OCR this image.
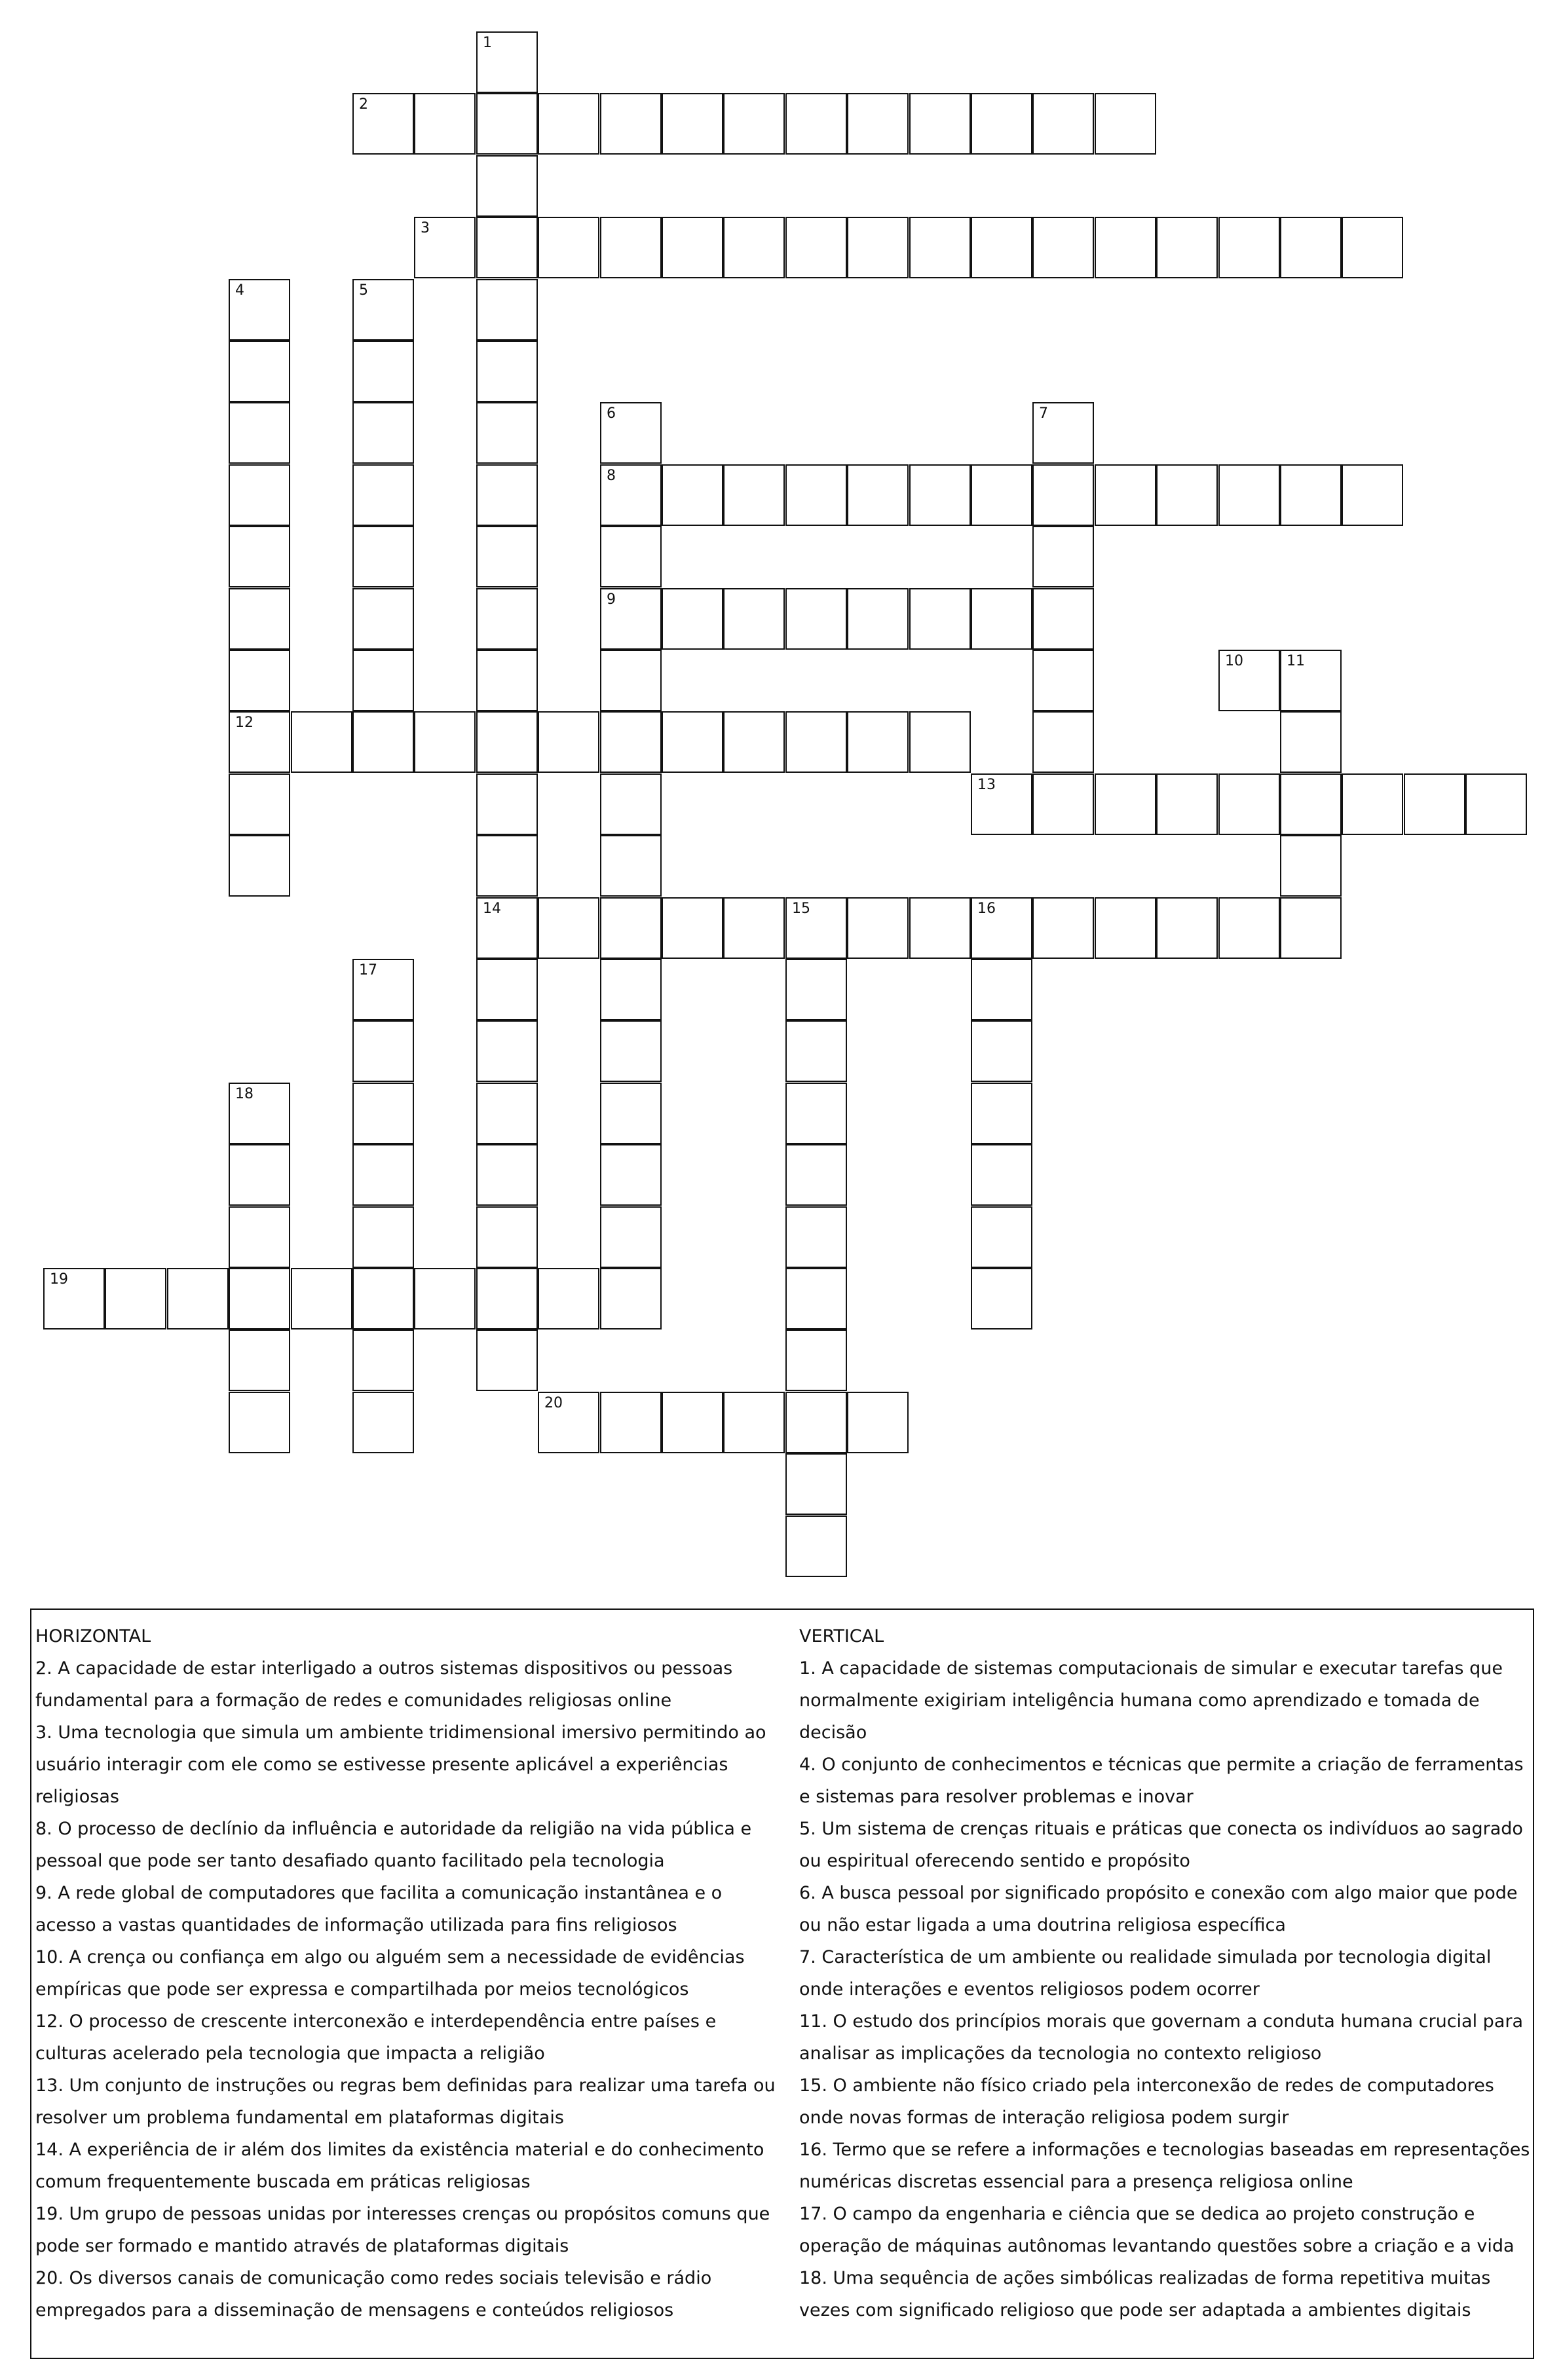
1
14
2
3
4
12
5
6
8
9
7
10	11
13
15	16
17
18
19
20
HORIZONTAL
2. A capacidade de estar interligado a outros sistemas dispositivos ou pessoas fundamental para a formação de redes e comunidades religiosas online
3. Uma tecnologia que simula um ambiente tridimensional imersivo permitindo ao usuário interagir com ele como se estivesse presente aplicável a experiências religiosas
8. O processo de declínio da influência e autoridade da religião na vida pública e pessoal que pode ser tanto desafiado quanto facilitado pela tecnologia
9. A rede global de computadores que facilita a comunicação instantânea e o acesso a vastas quantidades de informação utilizada para fins religiosos
10. A crença ou confiança em algo ou alguém sem a necessidade de evidências empíricas que pode ser expressa e compartilhada por meios tecnológicos
12. O processo de crescente interconexão e interdependência entre países e culturas acelerado pela tecnologia que impacta a religião
13. Um conjunto de instruções ou regras bem definidas para realizar uma tarefa ou resolver um problema fundamental em plataformas digitais
14. A experiência de ir além dos limites da existência material e do conhecimento comum frequentemente buscada em práticas religiosas
19. Um grupo de pessoas unidas por interesses crenças ou propósitos comuns que pode ser formado e mantido através de plataformas digitais
20. Os diversos canais de comunicação como redes sociais televisão e rádio empregados para a disseminação de mensagens e conteúdos religiosos
VERTICAL
1. A capacidade de sistemas computacionais de simular e executar tarefas que normalmente exigiriam inteligência humana como aprendizado e tomada de decisão
4. O conjunto de conhecimentos e técnicas que permite a criação de ferramentas e sistemas para resolver problemas e inovar
5. Um sistema de crenças rituais e práticas que conecta os indivíduos ao sagrado ou espiritual oferecendo sentido e propósito
6. A busca pessoal por significado propósito e conexão com algo maior que pode ou não estar ligada a uma doutrina religiosa específica
7. Característica de um ambiente ou realidade simulada por tecnologia digital onde interações e eventos religiosos podem ocorrer
11. O estudo dos princípios morais que governam a conduta humana crucial para analisar as implicações da tecnologia no contexto religioso
15. O ambiente não físico criado pela interconexão de redes de computadores onde novas formas de interação religiosa podem surgir
16. Termo que se refere a informações e tecnologias baseadas em representações numéricas discretas essencial para a presença religiosa online
17. O campo da engenharia e ciência que se dedica ao projeto construção e operação de máquinas autônomas levantando questões sobre a criação e a vida
18. Uma sequência de ações simbólicas realizadas de forma repetitiva muitas vezes com significado religioso que pode ser adaptada a ambientes digitais
